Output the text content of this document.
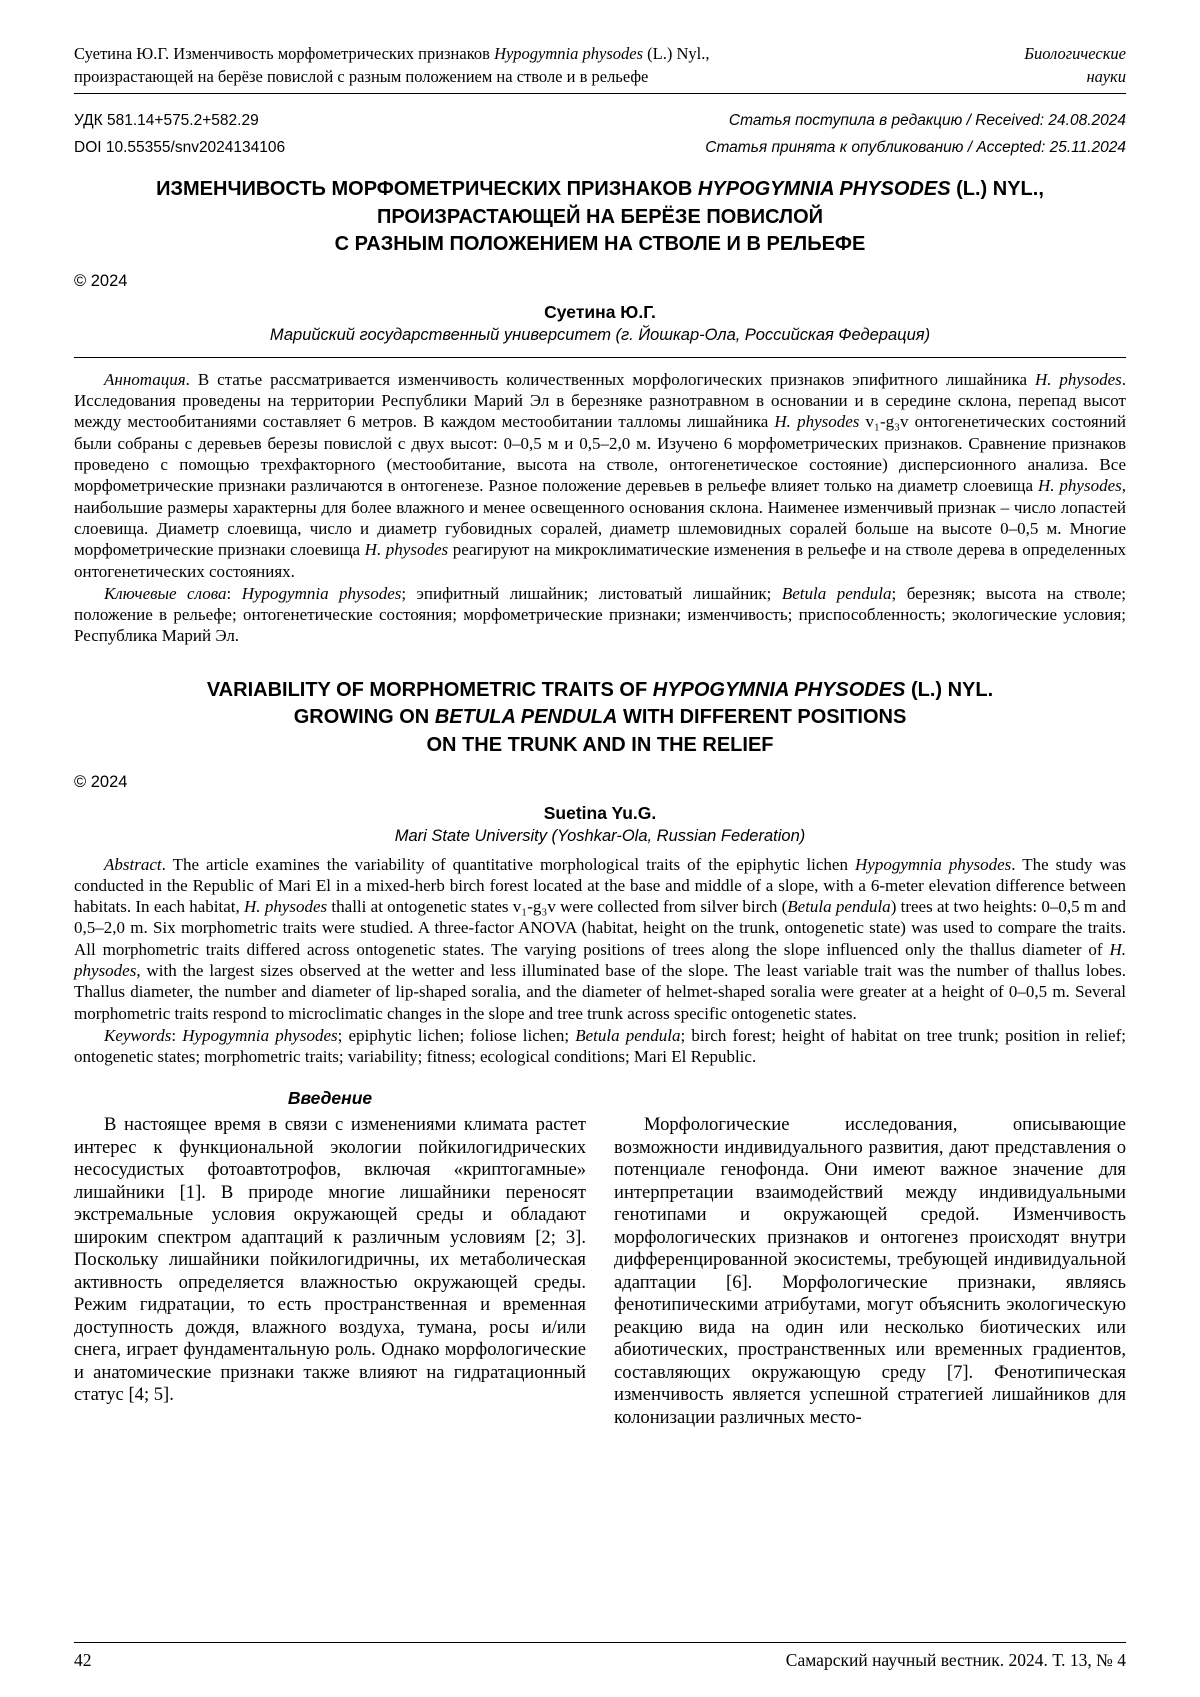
Суетина Ю.Г. Изменчивость морфометрических признаков Hypogymnia physodes (L.) Nyl.,
произрастающей на берёзе повислой с разным положением на стволе и в рельефе
Биологические
науки
УДК 581.14+575.2+582.29
DOI 10.55355/snv2024134106
Статья поступила в редакцию / Received: 24.08.2024
Статья принята к опубликованию / Accepted: 25.11.2024
ИЗМЕНЧИВОСТЬ МОРФОМЕТРИЧЕСКИХ ПРИЗНАКОВ HYPOGYMNIA PHYSODES (L.) NYL.,
ПРОИЗРАСТАЮЩЕЙ НА БЕРЁЗЕ ПОВИСЛОЙ
С РАЗНЫМ ПОЛОЖЕНИЕМ НА СТВОЛЕ И В РЕЛЬЕФЕ
© 2024
Суетина Ю.Г.
Марийский государственный университет (г. Йошкар-Ола, Российская Федерация)

Аннотация. В статье рассматривается изменчивость количественных морфологических признаков эпифитного лишайника H. physodes. Исследования проведены на территории Республики Марий Эл в березняке разнотравном в основании и в середине склона, перепад высот между местообитаниями составляет 6 метров. В каждом местообитании талломы лишайника H. physodes v₁-g₃v онтогенетических состояний были собраны с деревьев березы повислой с двух высот: 0–0,5 м и 0,5–2,0 м. Изучено 6 морфометрических признаков. Сравнение признаков проведено с помощью трехфакторного (местообитание, высота на стволе, онтогенетическое состояние) дисперсионного анализа. Все морфометрические признаки различаются в онтогенезе. Разное положение деревьев в рельефе влияет только на диаметр слоевища H. physodes, наибольшие размеры характерны для более влажного и менее освещенного основания склона. Наименее изменчивый признак – число лопастей слоевища. Диаметр слоевища, число и диаметр губовидных соралей, диаметр шлемовидных соралей больше на высоте 0–0,5 м. Многие морфометрические признаки слоевища H. physodes реагируют на микроклиматические изменения в рельефе и на стволе дерева в определенных онтогенетических состояниях.

Ключевые слова: Hypogymnia physodes; эпифитный лишайник; листоватый лишайник; Betula pendula; березняк; высота на стволе; положение в рельефе; онтогенетические состояния; морфометрические признаки; изменчивость; приспособленность; экологические условия; Республика Марий Эл.

VARIABILITY OF MORPHOMETRIC TRAITS OF HYPOGYMNIA PHYSODES (L.) NYL.
GROWING ON BETULA PENDULA WITH DIFFERENT POSITIONS
ON THE TRUNK AND IN THE RELIEF
© 2024
Suetina Yu.G.
Mari State University (Yoshkar-Ola, Russian Federation)

Abstract. The article examines the variability of quantitative morphological traits of the epiphytic lichen Hypogymnia physodes. The study was conducted in the Republic of Mari El in a mixed-herb birch forest located at the base and middle of a slope, with a 6-meter elevation difference between habitats. In each habitat, H. physodes thalli at ontogenetic states v₁-g₃v were collected from silver birch (Betula pendula) trees at two heights: 0–0,5 m and 0,5–2,0 m. Six morphometric traits were studied. A three-factor ANOVA (habitat, height on the trunk, ontogenetic state) was used to compare the traits. All morphometric traits differed across ontogenetic states. The varying positions of trees along the slope influenced only the thallus diameter of H. physodes, with the largest sizes observed at the wetter and less illuminated base of the slope. The least variable trait was the number of thallus lobes. Thallus diameter, the number and diameter of lip-shaped soralia, and the diameter of helmet-shaped soralia were greater at a height of 0–0,5 m. Several morphometric traits respond to microclimatic changes in the slope and tree trunk across specific ontogenetic states.

Keywords: Hypogymnia physodes; epiphytic lichen; foliose lichen; Betula pendula; birch forest; height of habitat on tree trunk; position in relief; ontogenetic states; morphometric traits; variability; fitness; ecological conditions; Mari El Republic.

Введение

В настоящее время в связи с изменениями климата растет интерес к функциональной экологии пойкилогидрических несосудистых фотоавтотрофов, включая «криптогамные» лишайники [1]. В природе многие лишайники переносят экстремальные условия окружающей среды и обладают широким спектром адаптаций к различным условиям [2; 3]. Поскольку лишайники пойкилогидричны, их метаболическая активность определяется влажностью окружающей среды. Режим гидратации, то есть пространственная и временная доступность дождя, влажного воздуха, тумана, росы и/или снега, играет фундаментальную роль. Однако морфологические и анатомические признаки также влияют на гидратационный статус [4; 5].

Морфологические исследования, описывающие возможности индивидуального развития, дают представления о потенциале генофонда. Они имеют важное значение для интерпретации взаимодействий между индивидуальными генотипами и окружающей средой. Изменчивость морфологических признаков и онтогенез происходят внутри дифференцированной экосистемы, требующей индивидуальной адаптации [6]. Морфологические признаки, являясь фенотипическими атрибутами, могут объяснить экологическую реакцию вида на один или несколько биотических или абиотических, пространственных или временных градиентов, составляющих окружающую среду [7]. Фенотипическая изменчивость является успешной стратегией лишайников для колонизации различных место-

42	Самарский научный вестник. 2024. Т. 13, № 4
